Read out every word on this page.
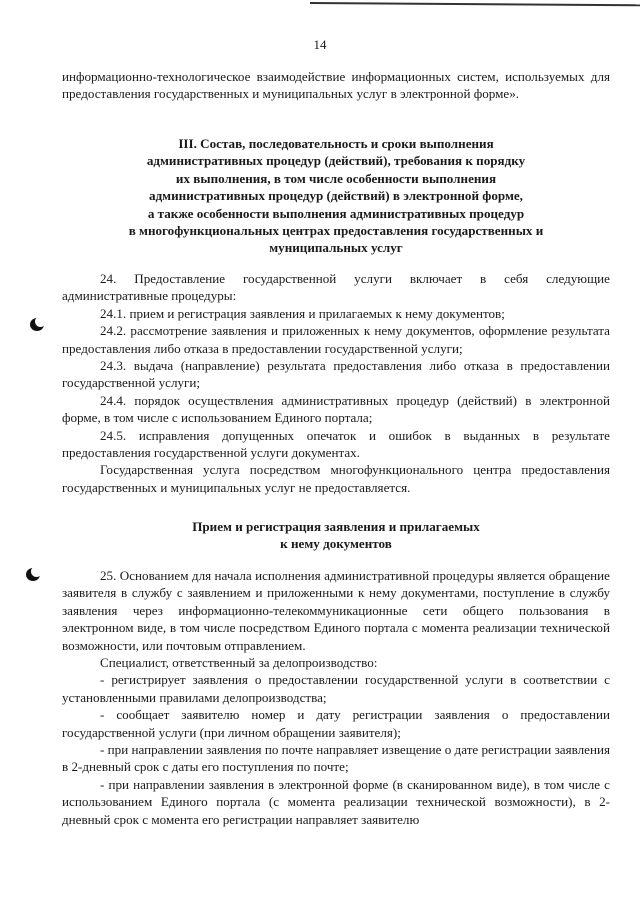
14

информационно-технологическое взаимодействие информационных систем, используемых для предоставления государственных и муниципальных услуг в электронной форме».

III. Состав, последовательность и сроки выполнения
административных процедур (действий), требования к порядку
их выполнения, в том числе особенности выполнения
административных процедур (действий) в электронной форме,
а также особенности выполнения административных процедур
в многофункциональных центрах предоставления государственных и
муниципальных услуг

24. Предоставление государственной услуги включает в себя следующие административные процедуры:

24.1. прием и регистрация заявления и прилагаемых к нему документов;

24.2. рассмотрение заявления и приложенных к нему документов, оформление результата предоставления либо отказа в предоставлении государственной услуги;

24.3. выдача (направление) результата предоставления либо отказа в предоставлении государственной услуги;

24.4. порядок осуществления административных процедур (действий) в электронной форме, в том числе с использованием Единого портала;

24.5. исправления допущенных опечаток и ошибок в выданных в результате предоставления государственной услуги документах.

Государственная услуга посредством многофункционального центра предоставления государственных и муниципальных услуг не предоставляется.

Прием и регистрация заявления и прилагаемых
к нему документов

25. Основанием для начала исполнения административной процедуры является обращение заявителя в службу с заявлением и приложенными к нему документами, поступление в службу заявления через информационно-телекоммуникационные сети общего пользования в электронном виде, в том числе посредством Единого портала с момента реализации технической возможности, или почтовым отправлением.

Специалист, ответственный за делопроизводство:

- регистрирует заявления о предоставлении государственной услуги в соответствии с установленными правилами делопроизводства;

- сообщает заявителю номер и дату регистрации заявления о предоставлении государственной услуги (при личном обращении заявителя);

- при направлении заявления по почте направляет извещение о дате регистрации заявления в 2-дневный срок с даты его поступления по почте;

- при направлении заявления в электронной форме (в сканированном виде), в том числе с использованием Единого портала (с момента реализации технической возможности), в 2-дневный срок с момента его регистрации направляет заявителю
